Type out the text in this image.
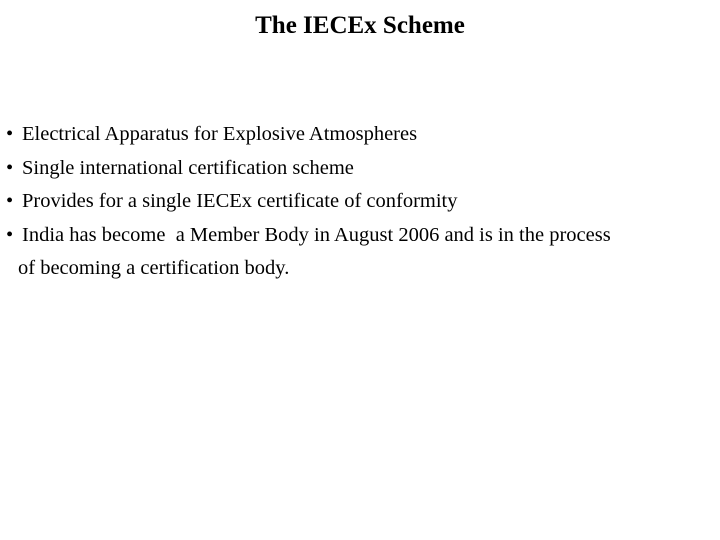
The IECEx Scheme
• Electrical Apparatus for Explosive Atmospheres
• Single international certification scheme
• Provides for a single IECEx certificate of conformity
• India has become  a Member Body in August 2006 and is in the process
of becoming a certification body.
